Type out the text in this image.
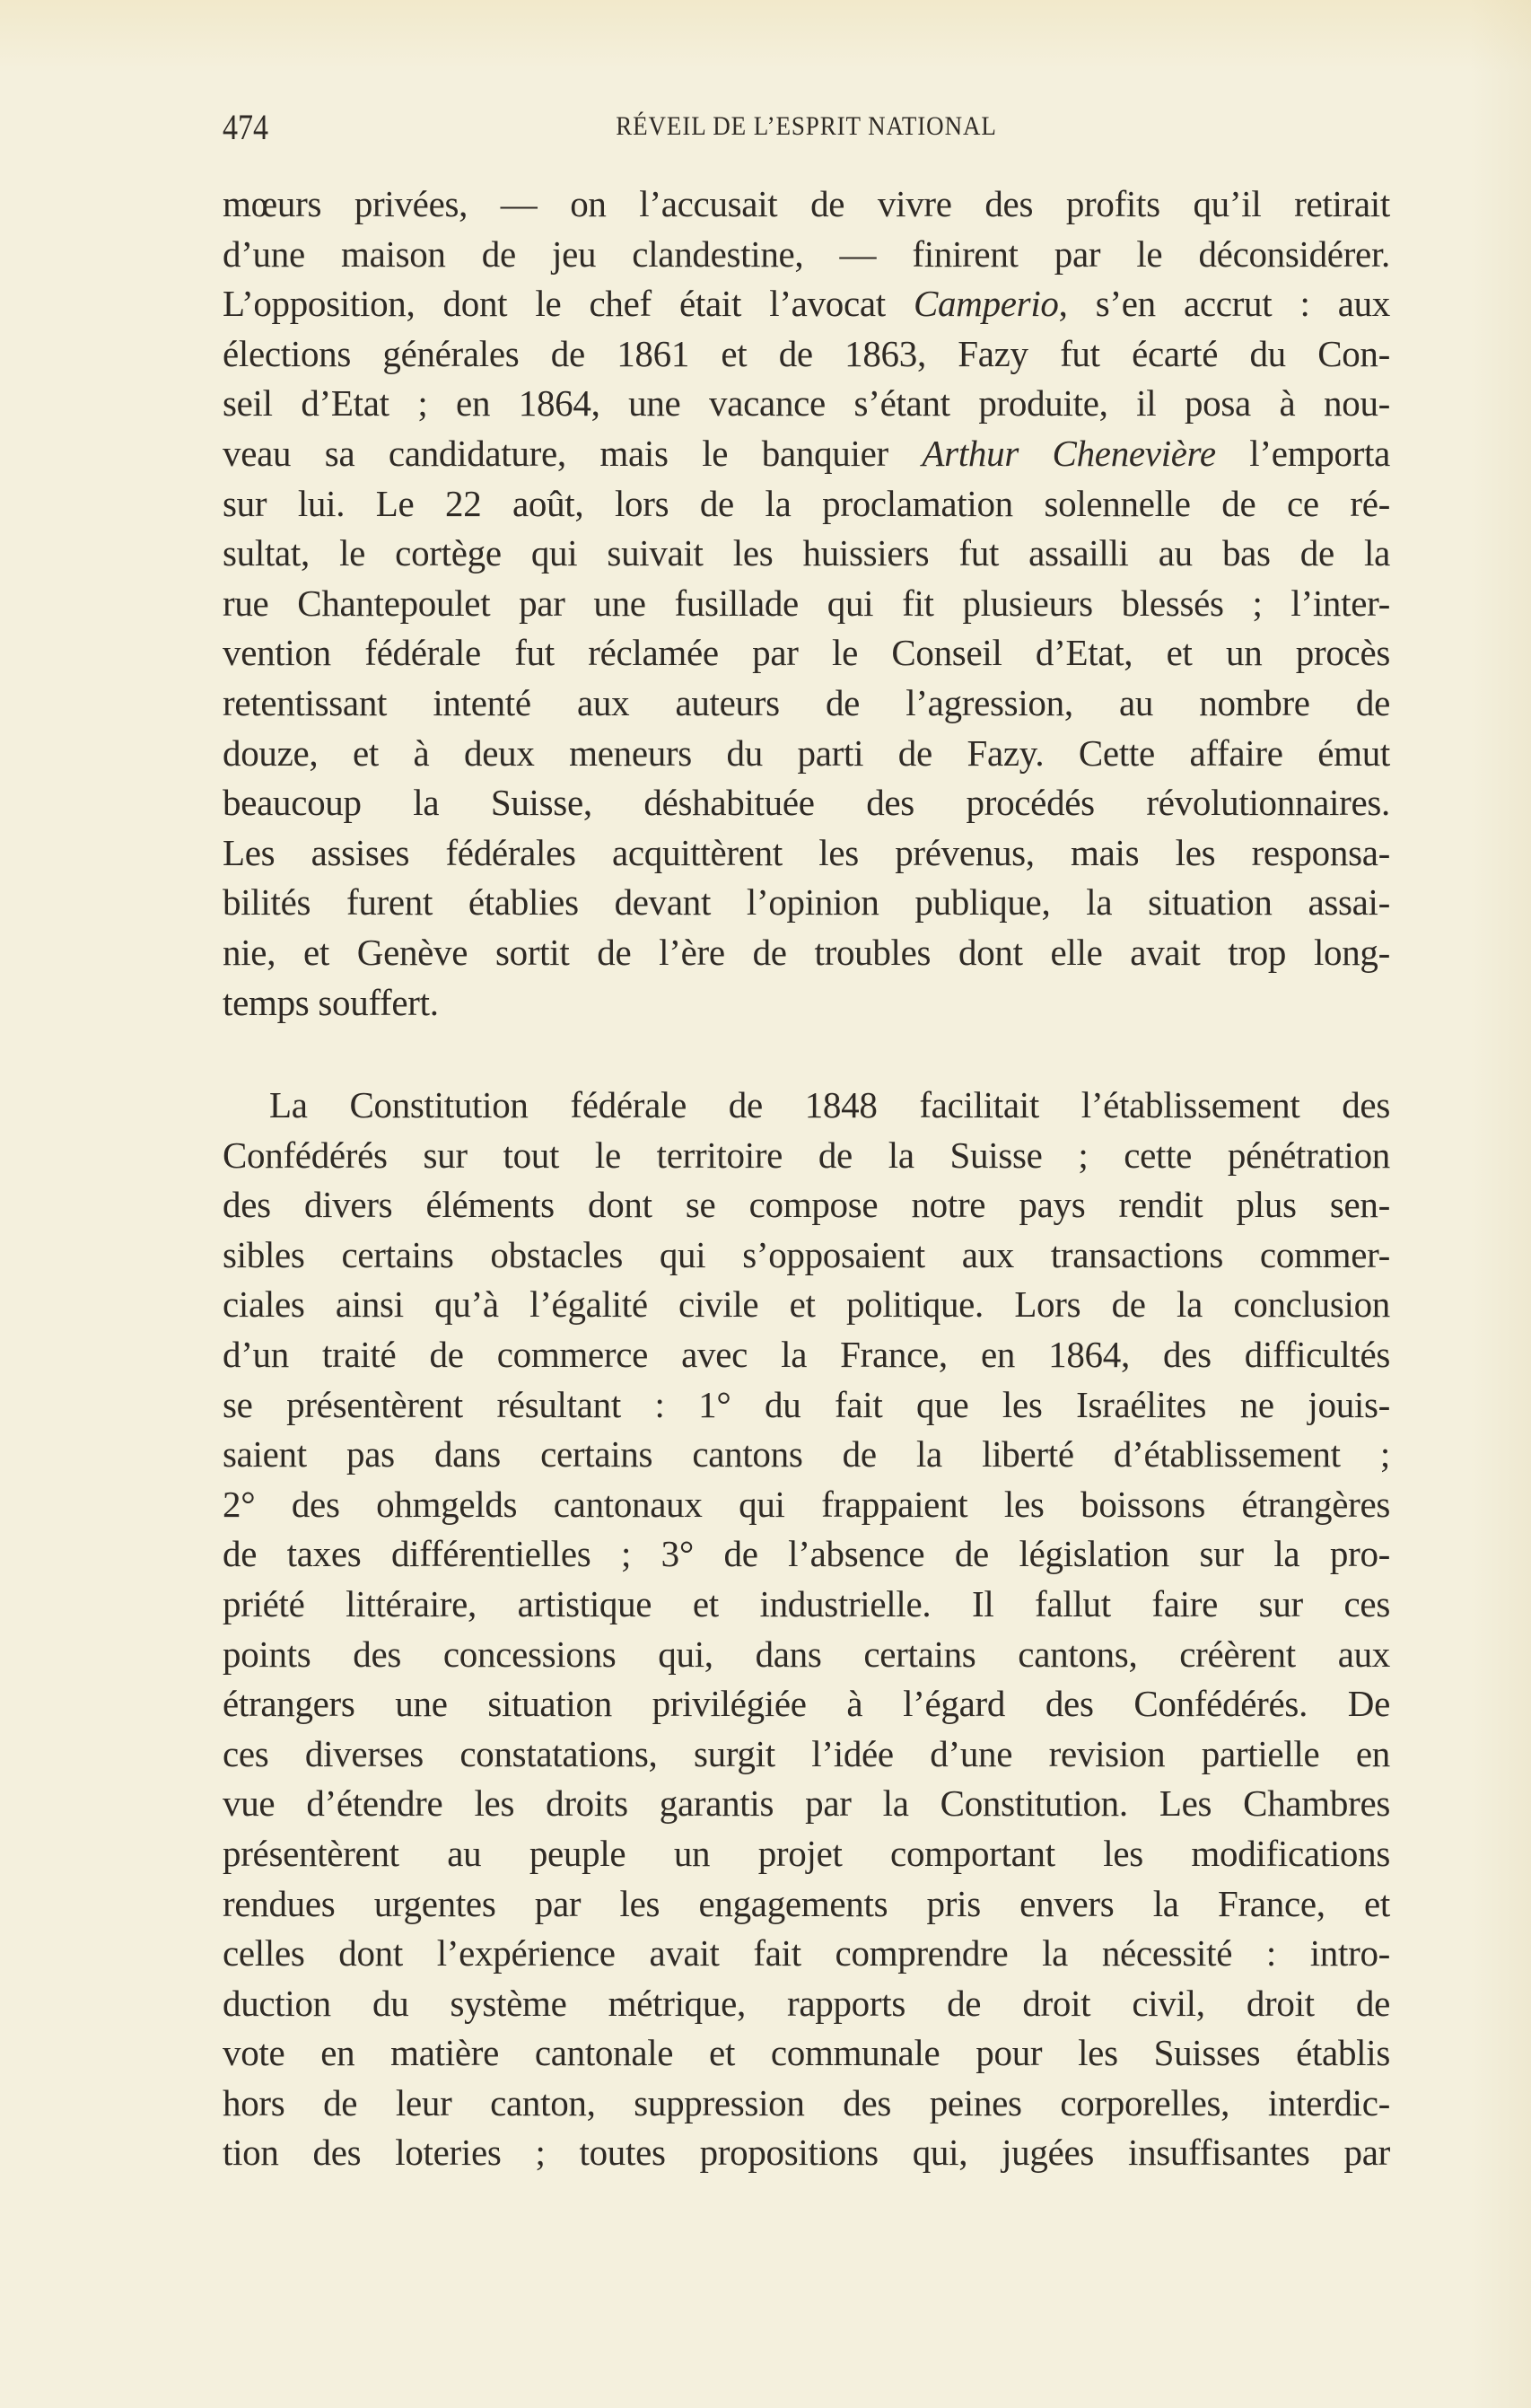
474	RÉVEIL DE L’ESPRIT NATIONAL
mœurs privées, — on l’accusait de vivre des profits qu’il retirait
d’une maison de jeu clandestine, — finirent par le déconsidérer.
L’opposition, dont le chef était l’avocat Camperio, s’en accrut : aux
élections générales de 1861 et de 1863, Fazy fut écarté du Con-
seil d’Etat ; en 1864, une vacance s’étant produite, il posa à nou-
veau sa candidature, mais le banquier Arthur Chenevière l’emporta
sur lui. Le 22 août, lors de la proclamation solennelle de ce ré-
sultat, le cortège qui suivait les huissiers fut assailli au bas de la
rue Chantepoulet par une fusillade qui fit plusieurs blessés ; l’inter-
vention fédérale fut réclamée par le Conseil d’Etat, et un procès
retentissant intenté aux auteurs de l’agression, au nombre de
douze, et à deux meneurs du parti de Fazy. Cette affaire émut
beaucoup la Suisse, déshabituée des procédés révolutionnaires.
Les assises fédérales acquittèrent les prévenus, mais les responsa-
bilités furent établies devant l’opinion publique, la situation assai-
nie, et Genève sortit de l’ère de troubles dont elle avait trop long-
temps souffert.
La Constitution fédérale de 1848 facilitait l’établissement des
Confédérés sur tout le territoire de la Suisse ; cette pénétration
des divers éléments dont se compose notre pays rendit plus sen-
sibles certains obstacles qui s’opposaient aux transactions commer-
ciales ainsi qu’à l’égalité civile et politique. Lors de la conclusion
d’un traité de commerce avec la France, en 1864, des difficultés
se présentèrent résultant : 1° du fait que les Israélites ne jouis-
saient pas dans certains cantons de la liberté d’établissement ;
2° des ohmgelds cantonaux qui frappaient les boissons étrangères
de taxes différentielles ; 3° de l’absence de législation sur la pro-
priété littéraire, artistique et industrielle. Il fallut faire sur ces
points des concessions qui, dans certains cantons, créèrent aux
étrangers une situation privilégiée à l’égard des Confédérés. De
ces diverses constatations, surgit l’idée d’une revision partielle en
vue d’étendre les droits garantis par la Constitution. Les Chambres
présentèrent au peuple un projet comportant les modifications
rendues urgentes par les engagements pris envers la France, et
celles dont l’expérience avait fait comprendre la nécessité : intro-
duction du système métrique, rapports de droit civil, droit de
vote en matière cantonale et communale pour les Suisses établis
hors de leur canton, suppression des peines corporelles, interdic-
tion des loteries ; toutes propositions qui, jugées insuffisantes par
